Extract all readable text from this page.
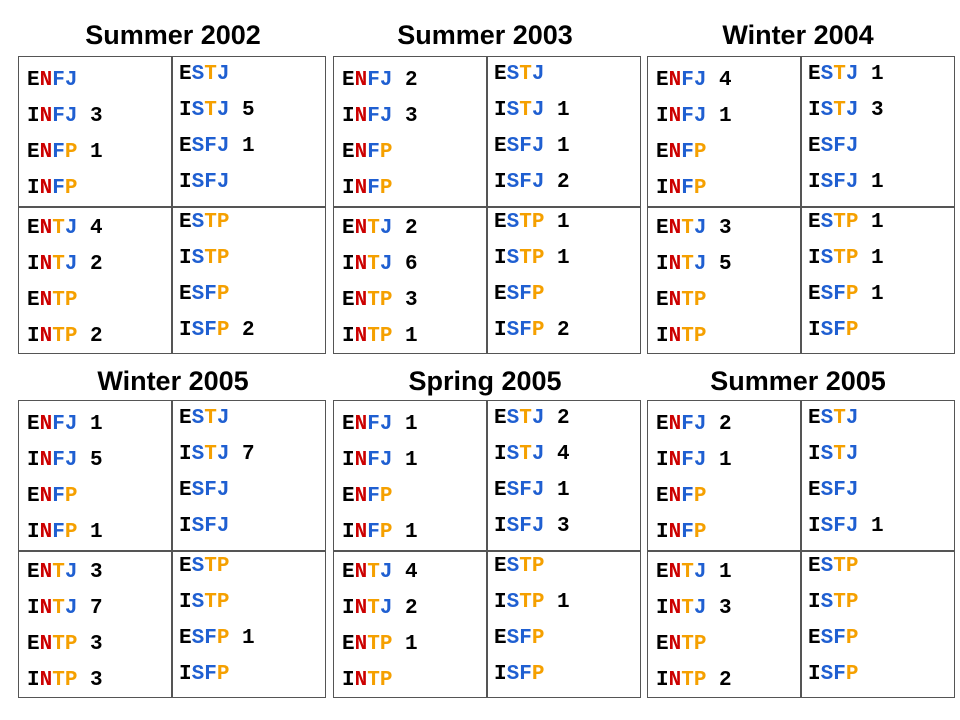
Summer 2002
ENFJ
INFJ 3
ENFP 1
INFP
ESTJ
ISTJ 5
ESFJ 1
ISFJ
ENTJ 4
INTJ 2
ENTP
INTP 2
ESTP
ISTP
ESFP
ISFP 2
Summer 2003
ENFJ 2
INFJ 3
ENFP
INFP
ESTJ
ISTJ 1
ESFJ 1
ISFJ 2
ENTJ 2
INTJ 6
ENTP 3
INTP 1
ESTP 1
ISTP 1
ESFP
ISFP 2
Winter 2004
ENFJ 4
INFJ 1
ENFP
INFP
ESTJ 1
ISTJ 3
ESFJ
ISFJ 1
ENTJ 3
INTJ 5
ENTP
INTP
ESTP 1
ISTP 1
ESFP 1
ISFP
Winter 2005
ENFJ 1
INFJ 5
ENFP
INFP 1
ESTJ
ISTJ 7
ESFJ
ISFJ
ENTJ 3
INTJ 7
ENTP 3
INTP 3
ESTP
ISTP
ESFP 1
ISFP
Spring 2005
ENFJ 1
INFJ 1
ENFP
INFP 1
ESTJ 2
ISTJ 4
ESFJ 1
ISFJ 3
ENTJ 4
INTJ 2
ENTP 1
INTP
ESTP
ISTP 1
ESFP
ISFP
Summer 2005
ENFJ 2
INFJ 1
ENFP
INFP
ESTJ
ISTJ
ESFJ
ISFJ 1
ENTJ 1
INTJ 3
ENTP
INTP 2
ESTP
ISTP
ESFP
ISFP
